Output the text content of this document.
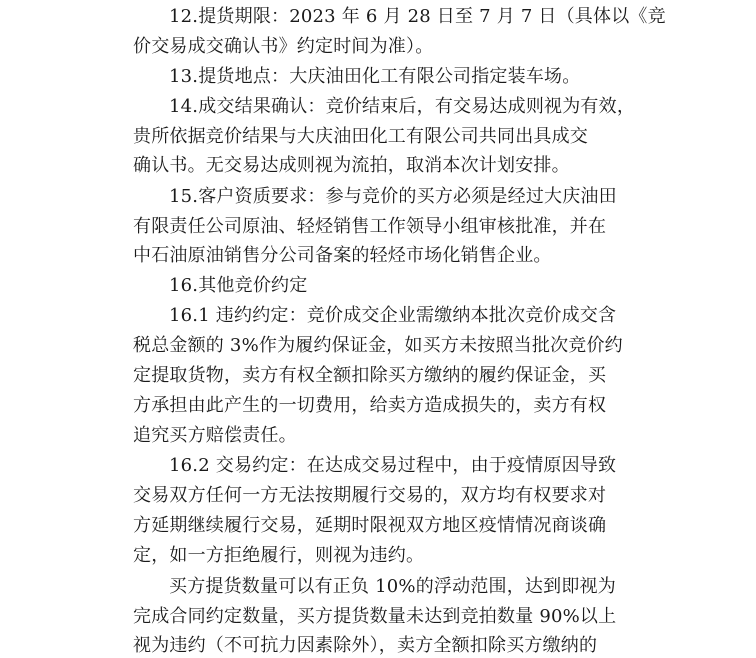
12.提货期限：2023 年 6 月 28 日至 7 月 7 日（具体以《竞
价交易成交确认书》约定时间为准）。
13.提货地点：大庆油田化工有限公司指定装车场。
14.成交结果确认：竞价结束后，有交易达成则视为有效，
贵所依据竞价结果与大庆油田化工有限公司共同出具成交
确认书。无交易达成则视为流拍，取消本次计划安排。
15.客户资质要求：参与竞价的买方必须是经过大庆油田
有限责任公司原油、轻烃销售工作领导小组审核批准，并在
中石油原油销售分公司备案的轻烃市场化销售企业。
16.其他竞价约定
16.1 违约约定：竞价成交企业需缴纳本批次竞价成交含
税总金额的 3%作为履约保证金，如买方未按照当批次竞价约
定提取货物，卖方有权全额扣除买方缴纳的履约保证金，买
方承担由此产生的一切费用，给卖方造成损失的，卖方有权
追究买方赔偿责任。
16.2 交易约定：在达成交易过程中，由于疫情原因导致
交易双方任何一方无法按期履行交易的，双方均有权要求对
方延期继续履行交易，延期时限视双方地区疫情情况商谈确
定，如一方拒绝履行，则视为违约。
买方提货数量可以有正负 10%的浮动范围，达到即视为
完成合同约定数量，买方提货数量未达到竞拍数量 90%以上
视为违约（不可抗力因素除外），卖方全额扣除买方缴纳的
